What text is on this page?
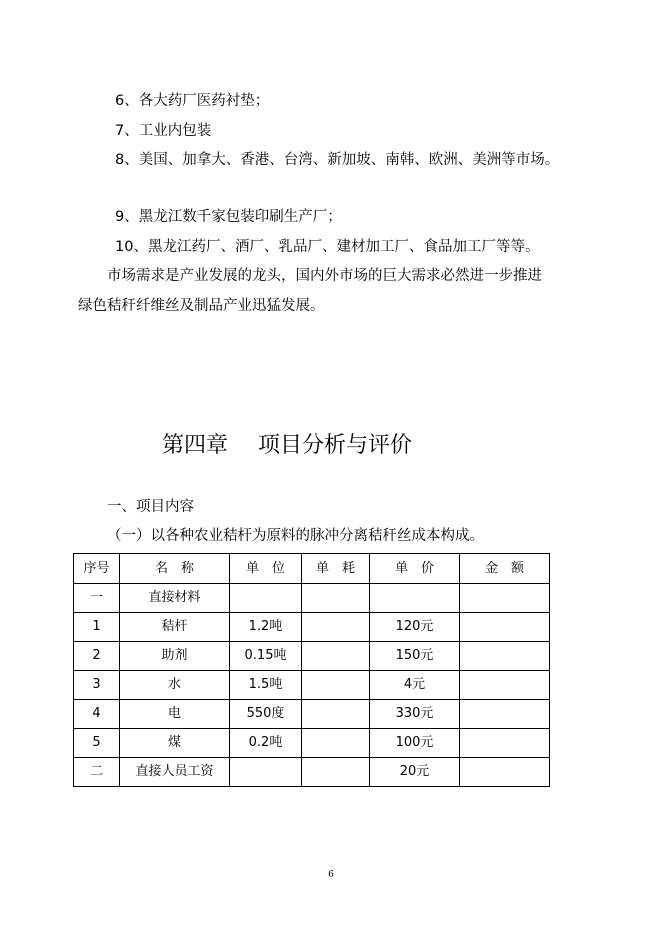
6、各大药厂医药衬垫；
7、工业内包装
8、美国、加拿大、香港、台湾、新加坡、南韩、欧洲、美洲等市场。
9、黑龙江数千家包装印刷生产厂；
10、黑龙江药厂、酒厂、乳品厂、建材加工厂、食品加工厂等等。
市场需求是产业发展的龙头，国内外市场的巨大需求必然进一步推进
绿色秸秆纤维丝及制品产业迅猛发展。
第四章 项目分析与评价
一、项目内容
（一）以各种农业秸杆为原料的脉冲分离秸秆丝成本构成。
序号	名　称	单　位	单　耗	单　价	金　额
一	直接材料				
1	秸杆	1.2吨		120元	
2	助剂	0.15吨		150元	
3	水	1.5吨		4元	
4	电	550度		330元	
5	煤	0.2吨		100元	
二	直接人员工资			20元	
6
